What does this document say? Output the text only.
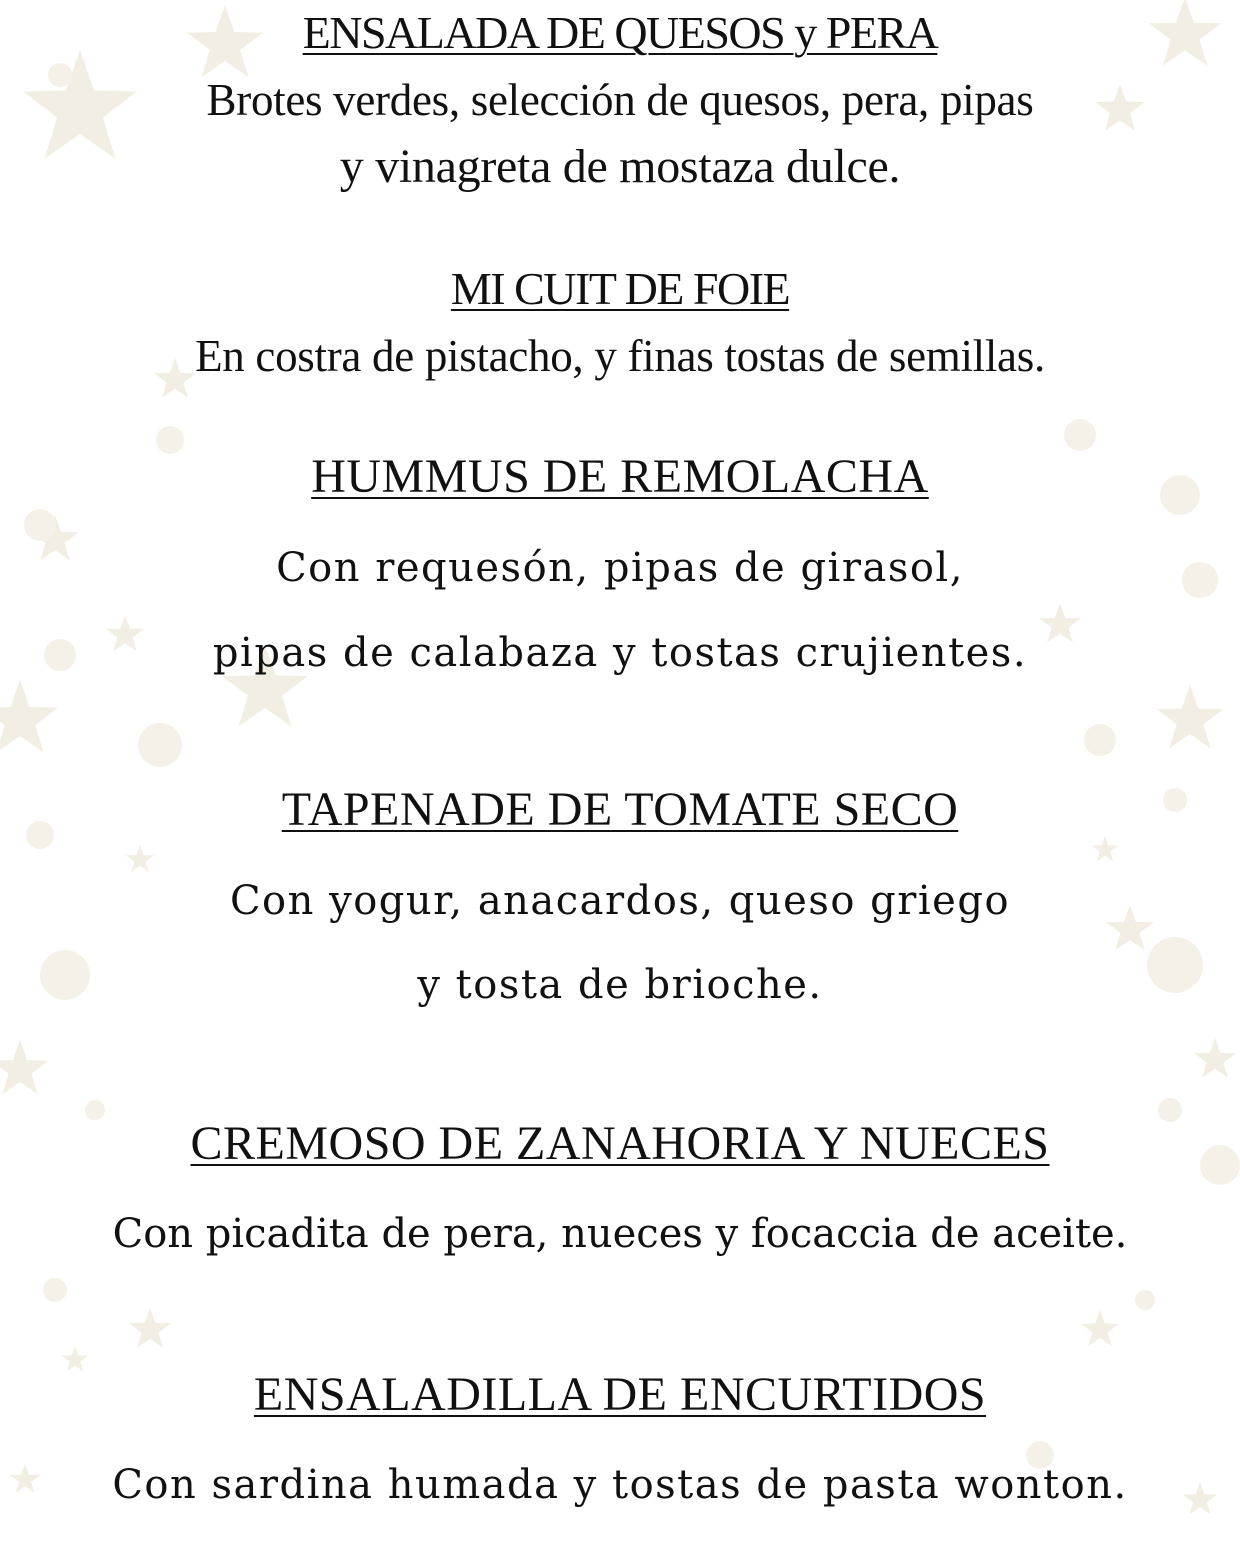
ENSALADA DE QUESOS y PERA
Brotes verdes, selección de quesos, pera, pipas
y vinagreta de mostaza dulce.
MI CUIT DE FOIE
En costra de pistacho, y finas tostas de semillas.
HUMMUS DE REMOLACHA
Con requesón, pipas de girasol,
pipas de calabaza y tostas crujientes.
TAPENADE DE TOMATE SECO
Con yogur, anacardos, queso griego
y tosta de brioche.
CREMOSO DE ZANAHORIA Y NUECES
Con picadita de pera, nueces y focaccia de aceite.
ENSALADILLA DE ENCURTIDOS
Con sardina humada y tostas de pasta wonton.
